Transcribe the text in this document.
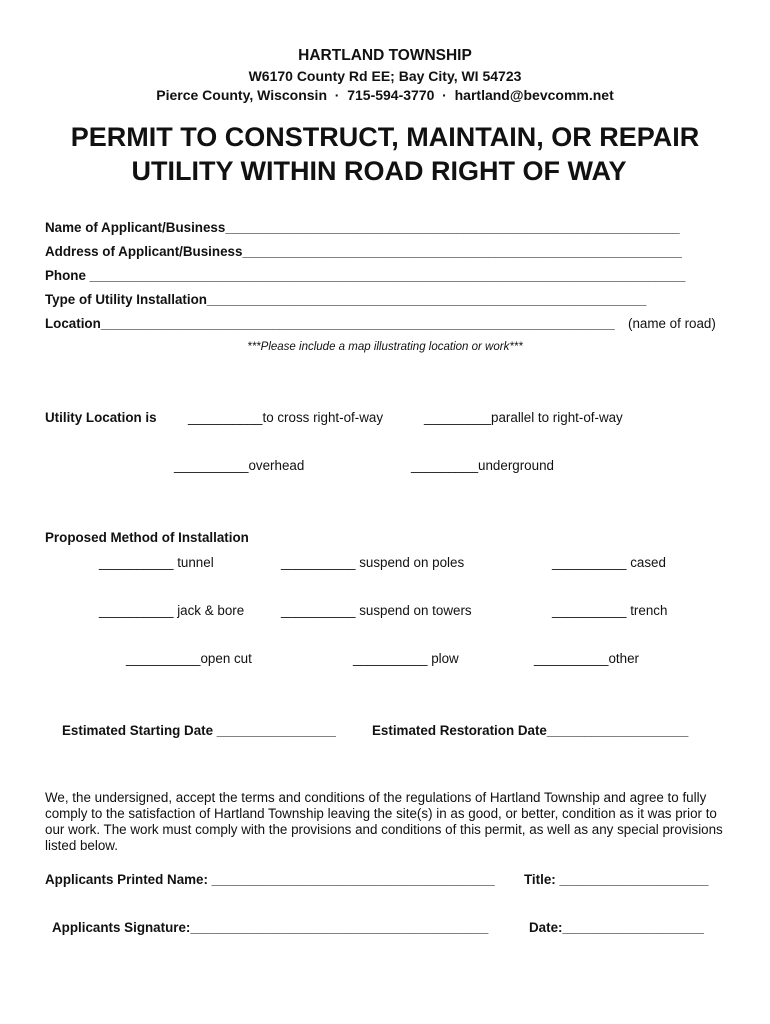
HARTLAND TOWNSHIP
W6170 County Rd EE; Bay City, WI 54723
Pierce County, Wisconsin  ·  715-594-3770  ·  hartland@bevcomm.net
PERMIT TO CONSTRUCT, MAINTAIN, OR REPAIR
UTILITY WITHIN ROAD RIGHT OF WAY
Name of Applicant/Business_____________________________________________________________
Address of Applicant/Business___________________________________________________________
Phone ________________________________________________________________________________
Type of Utility Installation___________________________________________________________
Location_____________________________________________________________________ (name of road)
***Please include a map illustrating location or work***
Utility Location is __________to cross right-of-way	_________parallel to right-of-way
__________overhead	_________underground
Proposed Method of Installation
__________ tunnel	__________ suspend on poles	__________ cased
__________ jack & bore	__________ suspend on towers	__________ trench
__________open cut	__________ plow	__________other
Estimated Starting Date ________________	Estimated Restoration Date___________________
We, the undersigned, accept the terms and conditions of the regulations of Hartland Township and agree to fully comply to the satisfaction of Hartland Township leaving the site(s) in as good, or better, condition as it was prior to our work. The work must comply with the provisions and conditions of this permit, as well as any special provisions listed below.
Applicants Printed Name: ______________________________________ Title: ____________________
Applicants Signature:________________________________________	Date:___________________
